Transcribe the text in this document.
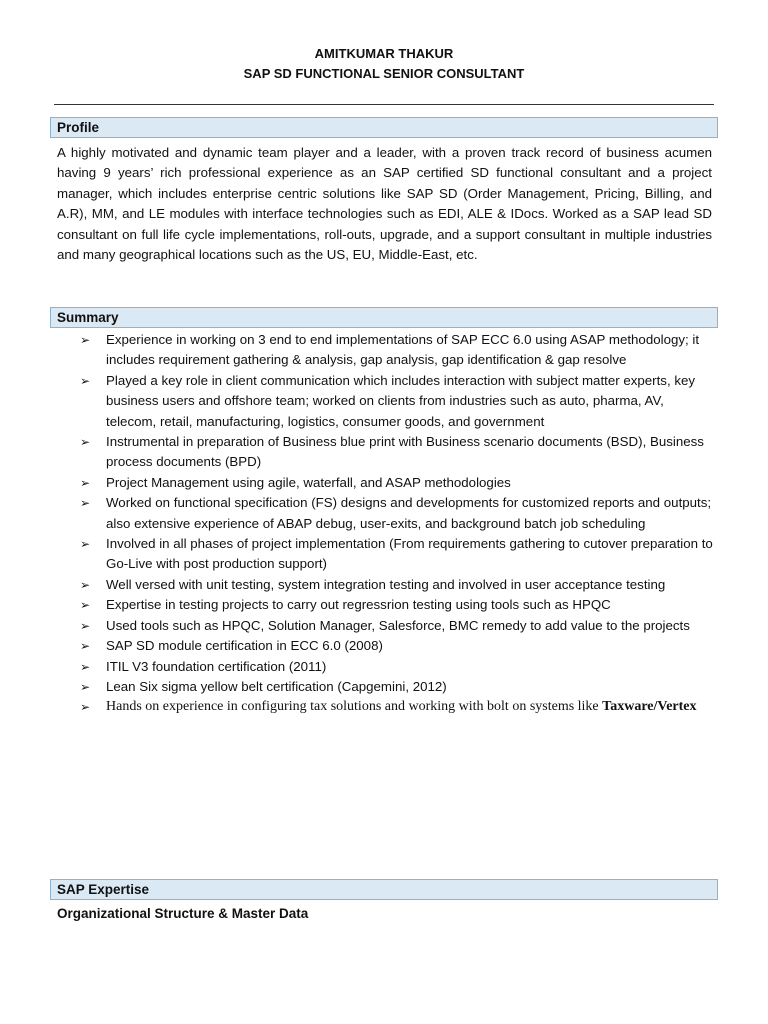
AMITKUMAR THAKUR
SAP SD FUNCTIONAL SENIOR CONSULTANT
Profile
A highly motivated and dynamic team player and a leader, with a proven track record of business acumen having 9 years’ rich professional experience as an SAP certified SD functional consultant and a project manager, which includes enterprise centric solutions like SAP SD (Order Management, Pricing, Billing, and A.R), MM, and LE modules with interface technologies such as EDI, ALE & IDocs. Worked as a SAP lead SD consultant on full life cycle implementations, roll-outs, upgrade, and a support consultant in multiple industries and many geographical locations such as the US, EU, Middle-East, etc.
Summary
➢ Experience in working on 3 end to end implementations of SAP ECC 6.0 using ASAP methodology; it includes requirement gathering & analysis, gap analysis, gap identification & gap resolve
➢ Played a key role in client communication which includes interaction with subject matter experts, key business users and offshore team; worked on clients from industries such as auto, pharma, AV, telecom, retail, manufacturing, logistics, consumer goods, and government
➢ Instrumental in preparation of Business blue print with Business scenario documents (BSD), Business process documents (BPD)
➢ Project Management using agile, waterfall, and ASAP methodologies
➢ Worked on functional specification (FS) designs and developments for customized reports and outputs; also extensive experience of ABAP debug, user-exits, and background batch job scheduling
➢ Involved in all phases of project implementation (From requirements gathering to cutover preparation to Go-Live with post production support)
➢ Well versed with unit testing, system integration testing and involved in user acceptance testing
➢ Expertise in testing projects to carry out regressrion testing using tools such as HPQC
➢ Used tools such as HPQC, Solution Manager, Salesforce, BMC remedy to add value to the projects
➢ SAP SD module certification in ECC 6.0 (2008)
➢ ITIL V3 foundation certification (2011)
➢ Lean Six sigma yellow belt certification (Capgemini, 2012)
➢ Hands on experience in configuring tax solutions and working with bolt on systems like Taxware/Vertex
SAP Expertise
Organizational Structure & Master Data
